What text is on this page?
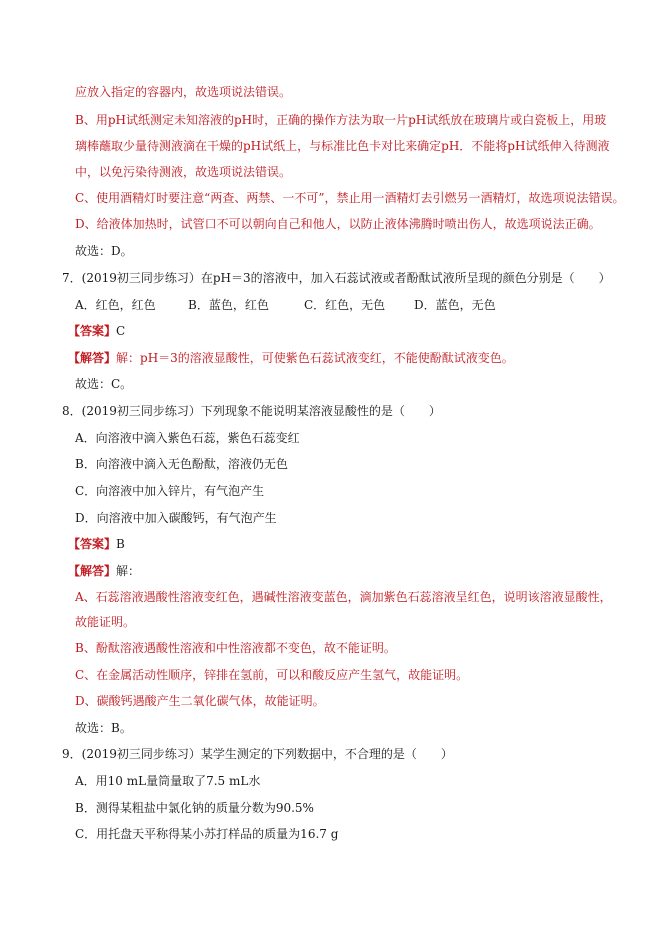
应放入指定的容器内，故选项说法错误。
B、用pH试纸测定未知溶液的pH时，正确的操作方法为取一片pH试纸放在玻璃片或白瓷板上，用玻
璃棒蘸取少量待测液滴在干燥的pH试纸上，与标准比色卡对比来确定pH．不能将pH试纸伸入待测液
中，以免污染待测液，故选项说法错误。
C、使用酒精灯时要注意“两查、两禁、一不可”，禁止用一酒精灯去引燃另一酒精灯，故选项说法错误。
D、给液体加热时，试管口不可以朝向自己和他人，以防止液体沸腾时喷出伤人，故选项说法正确。
故选：D。
7．(2019初三同步练习）在pH＝3的溶液中，加入石蕊试液或者酚酞试液所呈现的颜色分别是（　　）
A．红色，红色	B．蓝色，红色	C．红色，无色 D．蓝色，无色
【答案】C
【解答】解：pH＝3的溶液显酸性，可使紫色石蕊试液变红，不能使酚酞试液变色。
故选：C。
8．(2019初三同步练习）下列现象不能说明某溶液显酸性的是（　　）
A．向溶液中滴入紫色石蕊，紫色石蕊变红
B．向溶液中滴入无色酚酞，溶液仍无色
C．向溶液中加入锌片，有气泡产生
D．向溶液中加入碳酸钙，有气泡产生
【答案】B
【解答】解：
A、石蕊溶液遇酸性溶液变红色，遇碱性溶液变蓝色，滴加紫色石蕊溶液呈红色，说明该溶液显酸性，
故能证明。
B、酚酞溶液遇酸性溶液和中性溶液都不变色，故不能证明。
C、在金属活动性顺序，锌排在氢前，可以和酸反应产生氢气，故能证明。
D、碳酸钙遇酸产生二氧化碳气体，故能证明。
故选：B。
9．(2019初三同步练习）某学生测定的下列数据中，不合理的是（　　）
A．用10 mL量筒量取了7.5 mL水
B．测得某粗盐中氯化钠的质量分数为90.5%
C．用托盘天平称得某小苏打样品的质量为16.7 g
